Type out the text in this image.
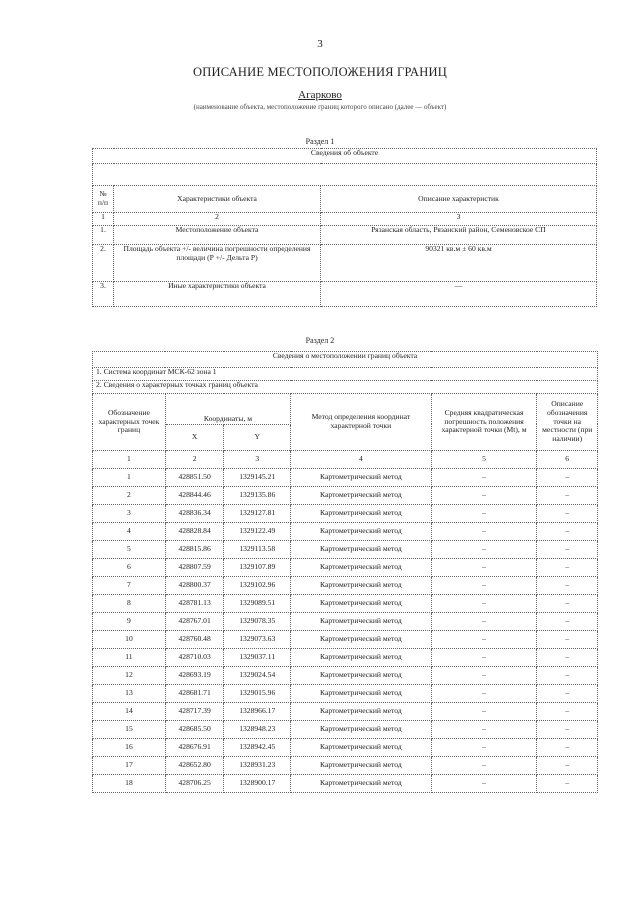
3
ОПИСАНИЕ МЕСТОПОЛОЖЕНИЯ ГРАНИЦ
Агарково
(наименование объекта, местоположение границ которого описано (далее — объект)
Раздел 1
Сведения об объекте		

№ п/п	Характеристики объекта	Описание характеристик
1	2	3
1.	Местоположение объекта	Рязанская область, Рязанский район, Семеновское СП
2.	Площадь объекта +/- величина погрешности определения площади (Р +/- Дельта Р)	90321 кв.м ± 60 кв.м
3.	Иные характеристики объекта	—
Раздел 2
Сведения о местоположении границ объекта					
1. Система координат МСК-62 зона 1					
2. Сведения о характерных точках границ объекта					
Обозначение характерных точек границ	Координаты, м		Метод определения координат характерной точки	Средняя квадратическая погрешность положения характерной точки (Мt), м	Описание обозначения точки на местности (при наличии)
	X	Y			
1	2	3	4	5	6
1	428851.50	1329145.21	Картометрический метод	–	–
2	428844.46	1329135.86	Картометрический метод	–	–
3	428836.34	1329127.81	Картометрический метод	–	–
4	428828.84	1329122.49	Картометрический метод	–	–
5	428815.86	1329113.58	Картометрический метод	–	–
6	428807.59	1329107.89	Картометрический метод	–	–
7	428800.37	1329102.96	Картометрический метод	–	–
8	428781.13	1329089.51	Картометрический метод	–	–
9	428767.01	1329078.35	Картометрический метод	–	–
10	428760.48	1329073.63	Картометрический метод	–	–
11	428710.03	1329037.11	Картометрический метод	–	–
12	428693.19	1329024.54	Картометрический метод	–	–
13	428681.71	1329015.96	Картометрический метод	–	–
14	428717.39	1328966.17	Картометрический метод	–	–
15	428685.50	1328948.23	Картометрический метод	–	–
16	428676.91	1328942.45	Картометрический метод	–	–
17	428652.80	1328931.23	Картометрический метод	–	–
18	428706.25	1328900.17	Картометрический метод	–	–
